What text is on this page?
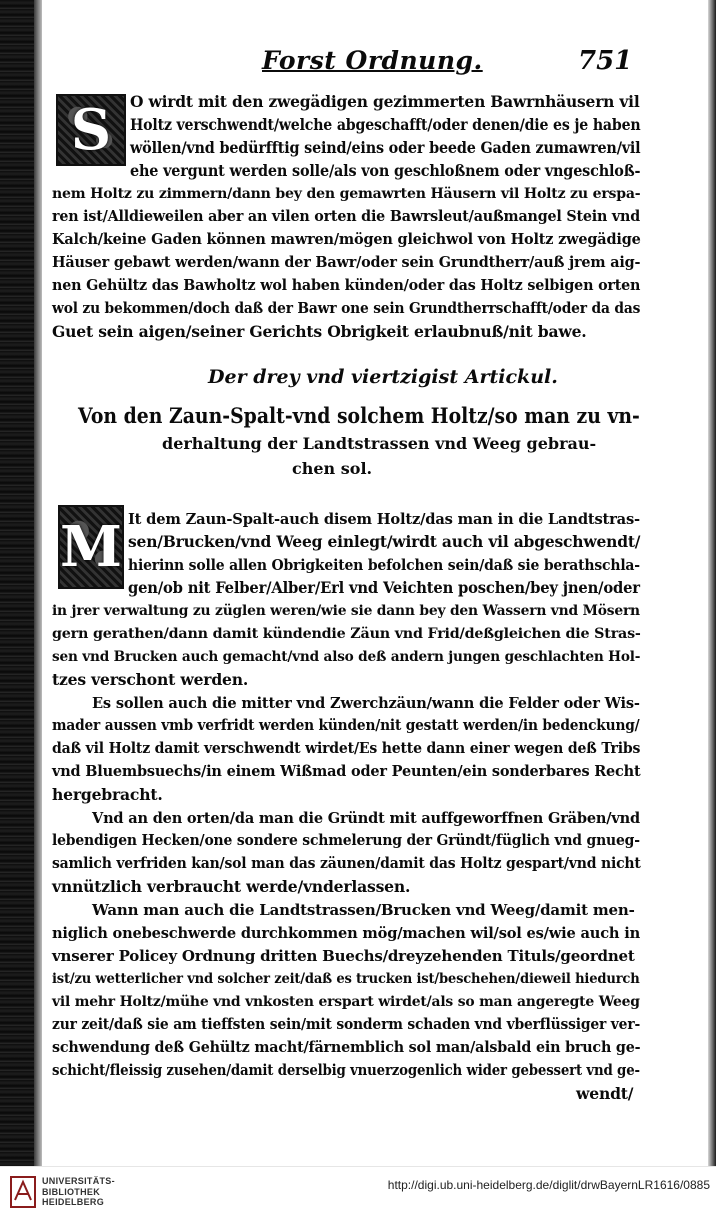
Forst Ordnung.	751
S O wirdt mit den zwegädigen gezimmerten Bawrnhäusern vil
Holtz verschwendt/welche abgeschafft/oder denen/die es je haben
wöllen/vnd bedürfftig seind/eins oder beede Gaden zumawren/vil
ehe vergunt werden solle/als von geschloßnem oder vngeschloß-
nem Holtz zu zimmern/dann bey den gemawrten Häusern vil Holtz zu erspa-
ren ist/Alldieweilen aber an vilen orten die Bawrsleut/außmangel Stein vnd
Kalch/keine Gaden können mawren/mögen gleichwol von Holtz zwegädige
Häuser gebawt werden/wann der Bawr/oder sein Grundtherr/auß jrem aig-
nen Gehültz das Bawholtz wol haben künden/oder das Holtz selbigen orten
wol zu bekommen/doch daß der Bawr one sein Grundtherrschafft/oder da das
Guet sein aigen/seiner Gerichts Obrigkeit erlaubnuß/nit bawe.
Der drey vnd viertzigist Artickul.
Von den Zaun-Spalt-vnd solchem Holtz/so man zu vn-
derhaltung der Landtstrassen vnd Weeg gebrau-
chen sol.
M It dem Zaun-Spalt-auch disem Holtz/das man in die Landtstras-
sen/Brucken/vnd Weeg einlegt/wirdt auch vil abgeschwendt/
hierinn solle allen Obrigkeiten befolchen sein/daß sie berathschla-
gen/ob nit Felber/Alber/Erl vnd Veichten poschen/bey jnen/oder
in jrer verwaltung zu züglen weren/wie sie dann bey den Wassern vnd Mösern
gern gerathen/dann damit kündendie Zäun vnd Frid/deßgleichen die Stras-
sen vnd Brucken auch gemacht/vnd also deß andern jungen geschlachten Hol-
tzes verschont werden.
Es sollen auch die mitter vnd Zwerchzäun/wann die Felder oder Wis-
mader aussen vmb verfridt werden künden/nit gestatt werden/in bedenckung/
daß vil Holtz damit verschwendt wirdet/Es hette dann einer wegen deß Tribs
vnd Bluembsuechs/in einem Wißmad oder Peunten/ein sonderbares Recht
hergebracht.
Vnd an den orten/da man die Gründt mit auffgeworffnen Gräben/vnd
lebendigen Hecken/one sondere schmelerung der Gründt/füglich vnd gnueg-
samlich verfriden kan/sol man das zäunen/damit das Holtz gespart/vnd nicht
vnnützlich verbraucht werde/vnderlassen.
Wann man auch die Landtstrassen/Brucken vnd Weeg/damit men-
niglich onebeschwerde durchkommen mög/machen wil/sol es/wie auch in
vnserer Policey Ordnung dritten Buechs/dreyzehenden Tituls/geordnet
ist/zu wetterlicher vnd solcher zeit/daß es trucken ist/beschehen/dieweil hiedurch
vil mehr Holtz/mühe vnd vnkosten erspart wirdet/als so man angeregte Weeg
zur zeit/daß sie am tieffsten sein/mit sonderm schaden vnd vberflüssiger ver-
schwendung deß Gehültz macht/färnemblich sol man/alsbald ein bruch ge-
schicht/fleissig zusehen/damit derselbig vnuerzogenlich wider gebessert vnd ge-
wendt/
UNIVERSITÄTS-
BIBLIOTHEK
HEIDELBERG
http://digi.ub.uni-heidelberg.de/diglit/drwBayernLR1616/0885
